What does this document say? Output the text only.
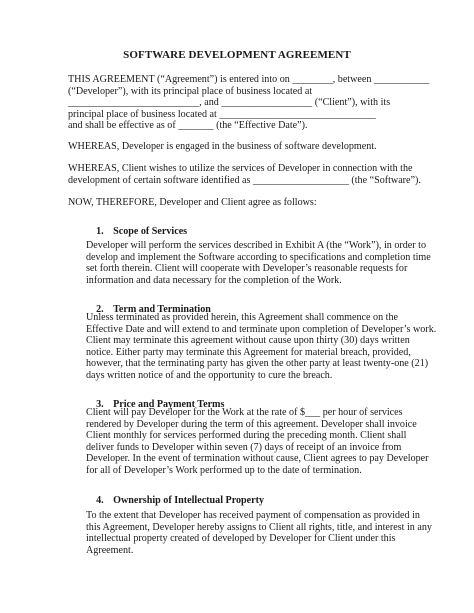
SOFTWARE DEVELOPMENT AGREEMENT
THIS AGREEMENT (“Agreement”) is entered into on ________, between ___________
(“Developer”), with its principal place of business located at
__________________________, and __________________ (“Client”), with its
principal place of business located at _______________________________
and shall be effective as of _______ (the “Effective Date”).
WHEREAS, Developer is engaged in the business of software development.
WHEREAS, Client wishes to utilize the services of Developer in connection with the
development of certain software identified as ___________________ (the “Software”).
NOW, THEREFORE, Developer and Client agree as follows:

1. Scope of Services

Developer will perform the services described in Exhibit A (the “Work”), in order to
develop and implement the Software according to specifications and completion time
set forth therein. Client will cooperate with Developer’s reasonable requests for
information and data necessary for the completion of the Work.

2. Term and Termination

Unless terminated as provided herein, this Agreement shall commence on the
Effective Date and will extend to and terminate upon completion of Developer’s work.
Client may terminate this agreement without cause upon thirty (30) days written
notice. Either party may terminate this Agreement for material breach, provided,
however, that the terminating party has given the other party at least twenty-one (21)
days written notice of and the opportunity to cure the breach.

3. Price and Payment Terms

Client will pay Developer for the Work at the rate of $___ per hour of services
rendered by Developer during the term of this agreement. Developer shall invoice
Client monthly for services performed during the preceding month. Client shall
deliver funds to Developer within seven (7) days of receipt of an invoice from
Developer. In the event of termination without cause, Client agrees to pay Developer
for all of Developer’s Work performed up to the date of termination.

4. Ownership of Intellectual Property

To the extent that Developer has received payment of compensation as provided in
this Agreement, Developer hereby assigns to Client all rights, title, and interest in any
intellectual property created of developed by Developer for Client under this
Agreement.
